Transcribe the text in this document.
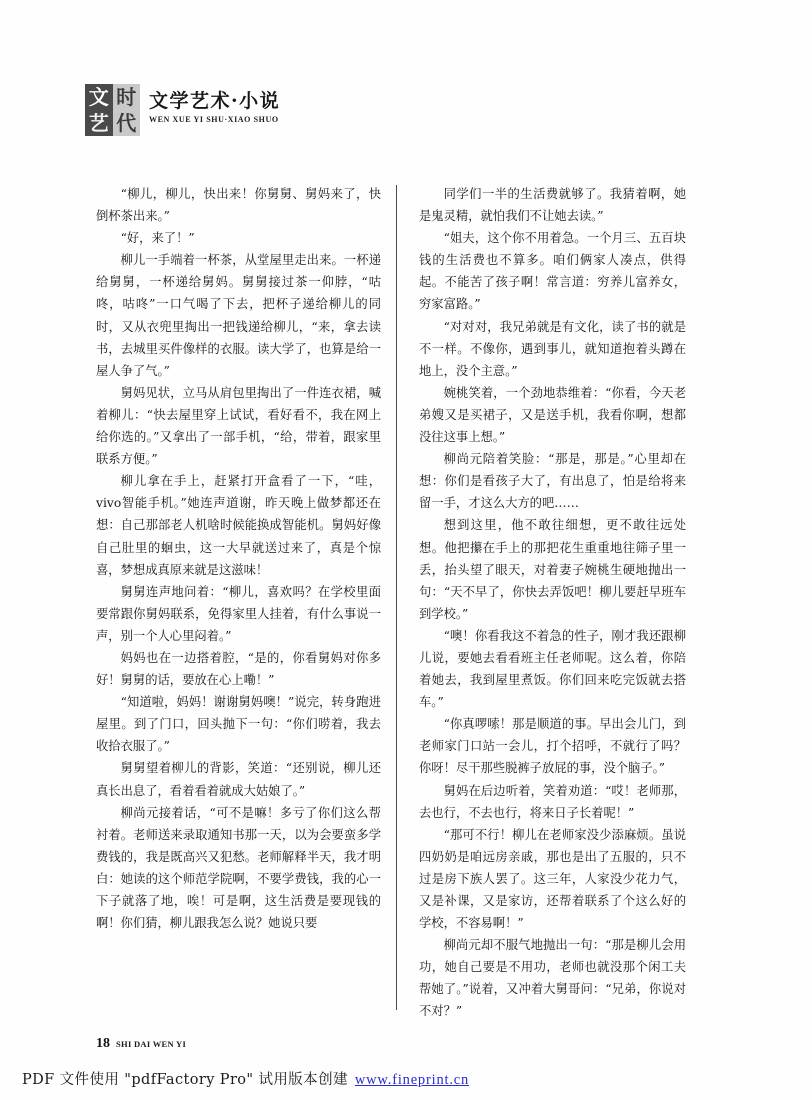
文 时
艺 代
文学艺术·小说
WEN XUE YI SHU·XIAO SHUO

“柳儿，柳儿，快出来！你舅舅、舅妈来了，快倒杯茶出来。”

“好，来了！”

柳儿一手端着一杯茶，从堂屋里走出来。一杯递给舅舅，一杯递给舅妈。舅舅接过茶一仰脖，“咕咚，咕咚”一口气喝了下去，把杯子递给柳儿的同时，又从衣兜里掏出一把钱递给柳儿，“来，拿去读书，去城里买件像样的衣服。读大学了，也算是给一屋人争了气。”

舅妈见状，立马从肩包里掏出了一件连衣裙，喊着柳儿：“快去屋里穿上试试，看好看不，我在网上给你选的。”又拿出了一部手机，“给，带着，跟家里联系方便。”

柳儿拿在手上，赶紧打开盒看了一下，“哇，vivo智能手机。”她连声道谢，昨天晚上做梦都还在想：自己那部老人机啥时候能换成智能机。舅妈好像自己肚里的蛔虫，这一大早就送过来了，真是个惊喜，梦想成真原来就是这滋味！

舅舅连声地问着：“柳儿，喜欢吗？在学校里面要常跟你舅妈联系，免得家里人挂着，有什么事说一声，别一个人心里闷着。”

妈妈也在一边搭着腔，“是的，你看舅妈对你多好！舅舅的话，要放在心上嘞！”

“知道啦，妈妈！谢谢舅妈噢！”说完，转身跑进屋里。到了门口，回头抛下一句：“你们唠着，我去收拾衣服了。”

舅舅望着柳儿的背影，笑道：“还别说，柳儿还真长出息了，看着看着就成大姑娘了。”

柳尚元接着话，“可不是嘛！多亏了你们这么帮衬着。老师送来录取通知书那一天，以为会要蛮多学费钱的，我是既高兴又犯愁。老师解释半天，我才明白：她读的这个师范学院啊，不要学费钱，我的心一下子就落了地，唉！可是啊，这生活费是要现钱的啊！你们猜，柳儿跟我怎么说？她说只要

同学们一半的生活费就够了。我猜着啊，她是鬼灵精，就怕我们不让她去读。”

“姐夫，这个你不用着急。一个月三、五百块钱的生活费也不算多。咱们俩家人凑点，供得起。不能苦了孩子啊！常言道：穷养儿富养女，穷家富路。”

“对对对，我兄弟就是有文化，读了书的就是不一样。不像你，遇到事儿，就知道抱着头蹲在地上，没个主意。”

婉桃笑着，一个劲地恭维着：“你看，今天老弟嫂又是买裙子，又是送手机，我看你啊，想都没往这事上想。”

柳尚元陪着笑脸：“那是，那是。”心里却在想：你们是看孩子大了，有出息了，怕是给将来留一手，才这么大方的吧……

想到这里，他不敢往细想，更不敢往远处想。他把攥在手上的那把花生重重地往筛子里一丢，抬头望了眼天，对着妻子婉桃生硬地抛出一句：“天不早了，你快去弄饭吧！柳儿要赶早班车到学校。”

“噢！你看我这不着急的性子，刚才我还跟柳儿说，要她去看看班主任老师呢。这么着，你陪着她去，我到屋里煮饭。你们回来吃完饭就去搭车。”

“你真啰嗦！那是顺道的事。早出会儿门，到老师家门口站一会儿，打个招呼，不就行了吗？你呀！尽干那些脱裤子放屁的事，没个脑子。”

舅妈在后边听着，笑着劝道：“哎！老师那，去也行，不去也行，将来日子长着呢！”

“那可不行！柳儿在老师家没少添麻烦。虽说四奶奶是咱远房亲戚，那也是出了五服的，只不过是房下族人罢了。这三年，人家没少花力气，又是补课，又是家访，还帮着联系了个这么好的学校，不容易啊！”

柳尚元却不服气地抛出一句：“那是柳儿会用功，她自己要是不用功，老师也就没那个闲工夫帮她了。”说着，又冲着大舅哥问：“兄弟，你说对不对？”

18 SHI DAI WEN YI
PDF 文件使用 "pdfFactory Pro" 试用版本创建 www.fineprint.cn
